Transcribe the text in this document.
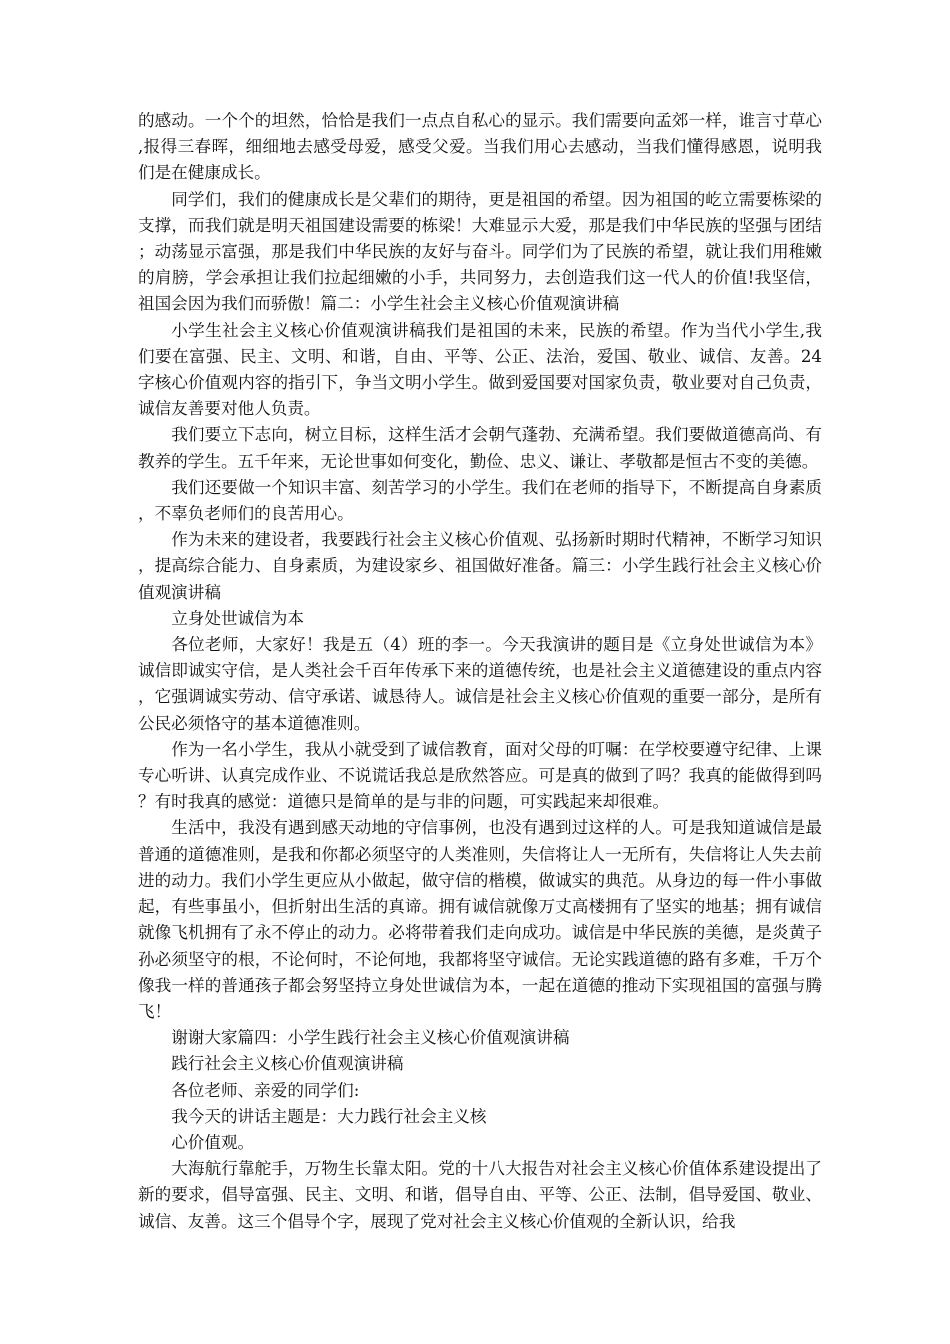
的感动。一个个的坦然，恰恰是我们一点点自私心的显示。我们需要向孟郊一样，谁言寸草心,报得三春晖，细细地去感受母爱，感受父爱。当我们用心去感动，当我们懂得感恩，说明我们是在健康成长。

同学们，我们的健康成长是父辈们的期待，更是祖国的希望。因为祖国的屹立需要栋梁的支撑，而我们就是明天祖国建设需要的栋梁！大难显示大爱，那是我们中华民族的坚强与团结；动荡显示富强，那是我们中华民族的友好与奋斗。同学们为了民族的希望，就让我们用稚嫩的肩膀，学会承担让我们拉起细嫩的小手，共同努力，去创造我们这一代人的价值!我坚信，祖国会因为我们而骄傲！篇二：小学生社会主义核心价值观演讲稿

小学生社会主义核心价值观演讲稿我们是祖国的未来，民族的希望。作为当代小学生,我们要在富强、民主、文明、和谐，自由、平等、公正、法治，爱国、敬业、诚信、友善。24字核心价值观内容的指引下，争当文明小学生。做到爱国要对国家负责，敬业要对自己负责，诚信友善要对他人负责。

我们要立下志向，树立目标，这样生活才会朝气蓬勃、充满希望。我们要做道德高尚、有教养的学生。五千年来，无论世事如何变化，勤俭、忠义、谦让、孝敬都是恒古不变的美德。

我们还要做一个知识丰富、刻苦学习的小学生。我们在老师的指导下，不断提高自身素质，不辜负老师们的良苦用心。

作为未来的建设者，我要践行社会主义核心价值观、弘扬新时期时代精神，不断学习知识，提高综合能力、自身素质，为建设家乡、祖国做好准备。篇三：小学生践行社会主义核心价值观演讲稿

立身处世诚信为本

各位老师，大家好！我是五（4）班的李一。今天我演讲的题目是《立身处世诚信为本》诚信即诚实守信，是人类社会千百年传承下来的道德传统，也是社会主义道德建设的重点内容，它强调诚实劳动、信守承诺、诚恳待人。诚信是社会主义核心价值观的重要一部分，是所有公民必须恪守的基本道德准则。

作为一名小学生，我从小就受到了诚信教育，面对父母的叮嘱：在学校要遵守纪律、上课专心听讲、认真完成作业、不说谎话我总是欣然答应。可是真的做到了吗？我真的能做得到吗？有时我真的感觉：道德只是简单的是与非的问题，可实践起来却很难。

生活中，我没有遇到感天动地的守信事例，也没有遇到过这样的人。可是我知道诚信是最普通的道德准则，是我和你都必须坚守的人类准则，失信将让人一无所有，失信将让人失去前进的动力。我们小学生更应从小做起，做守信的楷模，做诚实的典范。从身边的每一件小事做起，有些事虽小，但折射出生活的真谛。拥有诚信就像万丈高楼拥有了坚实的地基；拥有诚信就像飞机拥有了永不停止的动力。必将带着我们走向成功。诚信是中华民族的美德，是炎黄子孙必须坚守的根，不论何时，不论何地，我都将坚守诚信。无论实践道德的路有多难，千万个像我一样的普通孩子都会努坚持立身处世诚信为本，一起在道德的推动下实现祖国的富强与腾飞！

谢谢大家篇四：小学生践行社会主义核心价值观演讲稿

践行社会主义核心价值观演讲稿

各位老师、亲爱的同学们:

我今天的讲话主题是：大力践行社会主义核

心价值观。

大海航行靠舵手，万物生长靠太阳。党的十八大报告对社会主义核心价值体系建设提出了新的要求，倡导富强、民主、文明、和谐，倡导自由、平等、公正、法制，倡导爱国、敬业、诚信、友善。这三个倡导个字，展现了党对社会主义核心价值观的全新认识，给我
